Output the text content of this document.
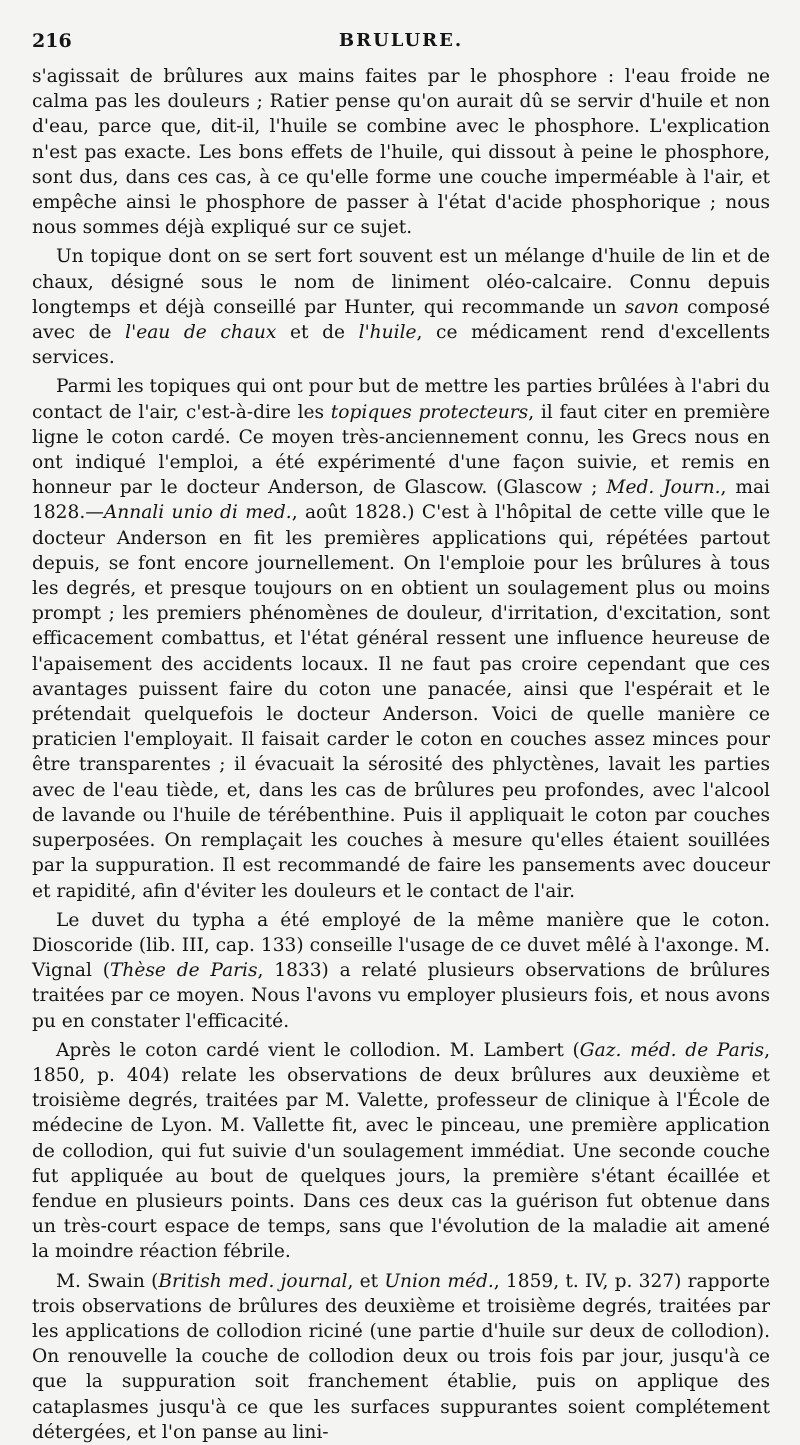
216	BRULURE.

s'agissait de brûlures aux mains faites par le phosphore : l'eau froide ne calma pas les douleurs ; Ratier pense qu'on aurait dû se servir d'huile et non d'eau, parce que, dit-il, l'huile se combine avec le phosphore. L'explication n'est pas exacte. Les bons effets de l'huile, qui dissout à peine le phosphore, sont dus, dans ces cas, à ce qu'elle forme une couche imperméable à l'air, et empêche ainsi le phosphore de passer à l'état d'acide phosphorique ; nous nous sommes déjà expliqué sur ce sujet.

Un topique dont on se sert fort souvent est un mélange d'huile de lin et de chaux, désigné sous le nom de liniment oléo-calcaire. Connu depuis longtemps et déjà conseillé par Hunter, qui recommande un savon composé avec de l'eau de chaux et de l'huile, ce médicament rend d'excellents services.

Parmi les topiques qui ont pour but de mettre les parties brûlées à l'abri du contact de l'air, c'est-à-dire les topiques protecteurs, il faut citer en première ligne le coton cardé. Ce moyen très-anciennement connu, les Grecs nous en ont indiqué l'emploi, a été expérimenté d'une façon suivie, et remis en honneur par le docteur Anderson, de Glascow. (Glascow ; Med. Journ., mai 1828.—Annali unio di med., août 1828.) C'est à l'hôpital de cette ville que le docteur Anderson en fit les premières applications qui, répétées partout depuis, se font encore journellement. On l'emploie pour les brûlures à tous les degrés, et presque toujours on en obtient un soulagement plus ou moins prompt ; les premiers phénomènes de douleur, d'irritation, d'excitation, sont efficacement combattus, et l'état général ressent une influence heureuse de l'apaisement des accidents locaux. Il ne faut pas croire cependant que ces avantages puissent faire du coton une panacée, ainsi que l'espérait et le prétendait quelquefois le docteur Anderson. Voici de quelle manière ce praticien l'employait. Il faisait carder le coton en couches assez minces pour être transparentes ; il évacuait la sérosité des phlyctènes, lavait les parties avec de l'eau tiède, et, dans les cas de brûlures peu profondes, avec l'alcool de lavande ou l'huile de térébenthine. Puis il appliquait le coton par couches superposées. On remplaçait les couches à mesure qu'elles étaient souillées par la suppuration. Il est recommandé de faire les pansements avec douceur et rapidité, afin d'éviter les douleurs et le contact de l'air.

Le duvet du typha a été employé de la même manière que le coton. Dioscoride (lib. III, cap. 133) conseille l'usage de ce duvet mêlé à l'axonge. M. Vignal (Thèse de Paris, 1833) a relaté plusieurs observations de brûlures traitées par ce moyen. Nous l'avons vu employer plusieurs fois, et nous avons pu en constater l'efficacité.

Après le coton cardé vient le collodion. M. Lambert (Gaz. méd. de Paris, 1850, p. 404) relate les observations de deux brûlures aux deuxième et troisième degrés, traitées par M. Valette, professeur de clinique à l'École de médecine de Lyon. M. Vallette fit, avec le pinceau, une première application de collodion, qui fut suivie d'un soulagement immédiat. Une seconde couche fut appliquée au bout de quelques jours, la première s'étant écaillée et fendue en plusieurs points. Dans ces deux cas la guérison fut obtenue dans un très-court espace de temps, sans que l'évolution de la maladie ait amené la moindre réaction fébrile.

M. Swain (British med. journal, et Union méd., 1859, t. IV, p. 327) rapporte trois observations de brûlures des deuxième et troisième degrés, traitées par les applications de collodion riciné (une partie d'huile sur deux de collodion). On renouvelle la couche de collodion deux ou trois fois par jour, jusqu'à ce que la suppuration soit franchement établie, puis on applique des cataplasmes jusqu'à ce que les surfaces suppurantes soient complétement détergées, et l'on panse au lini-
